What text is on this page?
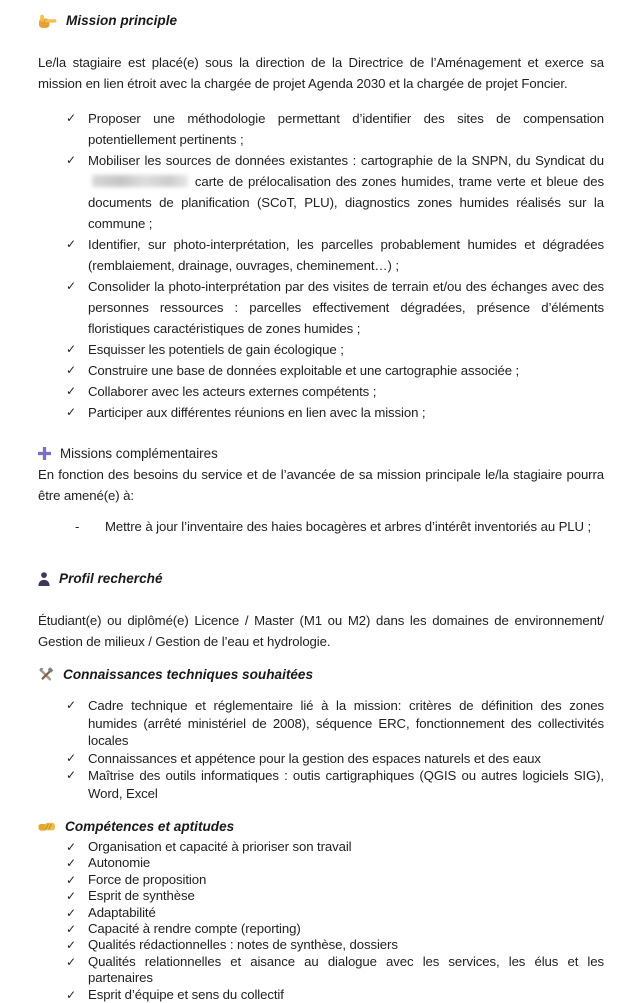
Mission principle

Le/la stagiaire est placé(e) sous la direction de la Directrice de l’Aménagement et exerce sa mission en lien étroit avec la chargée de projet Agenda 2030 et la chargée de projet Foncier.

✓ Proposer une méthodologie permettant d’identifier des sites de compensation potentiellement pertinents ;
✓ Mobiliser les sources de données existantes : cartographie de la SNPN, du Syndicat du carte de prélocalisation des zones humides, trame verte et bleue des documents de planification (SCoT, PLU), diagnostics zones humides réalisés sur la commune ;
✓ Identifier, sur photo-interprétation, les parcelles probablement humides et dégradées (remblaiement, drainage, ouvrages, cheminement…) ;
✓ Consolider la photo-interprétation par des visites de terrain et/ou des échanges avec des personnes ressources : parcelles effectivement dégradées, présence d’éléments floristiques caractéristiques de zones humides ;
✓ Esquisser les potentiels de gain écologique ;
✓ Construire une base de données exploitable et une cartographie associée ;
✓ Collaborer avec les acteurs externes compétents ;
✓ Participer aux différentes réunions en lien avec la mission ;
Missions complémentaires

En fonction des besoins du service et de l’avancée de sa mission principale le/la stagiaire pourra être amené(e) à:

- Mettre à jour l’inventaire des haies bocagères et arbres d’intérêt inventoriés au PLU ;
Profil recherché

Étudiant(e) ou diplômé(e) Licence / Master (M1 ou M2) dans les domaines de environnement/ Gestion de milieux / Gestion de l’eau et hydrologie.

Connaissances techniques souhaitées
✓ Cadre technique et réglementaire lié à la mission: critères de définition des zones humides (arrêté ministériel de 2008), séquence ERC, fonctionnement des collectivités locales
✓ Connaissances et appétence pour la gestion des espaces naturels et des eaux
✓ Maîtrise des outils informatiques : outis cartigraphiques (QGIS ou autres logiciels SIG), Word, Excel
Compétences et aptitudes
✓ Organisation et capacité à prioriser son travail
✓ Autonomie
✓ Force de proposition
✓ Esprit de synthèse
✓ Adaptabilité
✓ Capacité à rendre compte (reporting)
✓ Qualités rédactionnelles : notes de synthèse, dossiers
✓ Qualités relationnelles et aisance au dialogue avec les services, les élus et les partenaires
✓ Esprit d’équipe et sens du collectif
